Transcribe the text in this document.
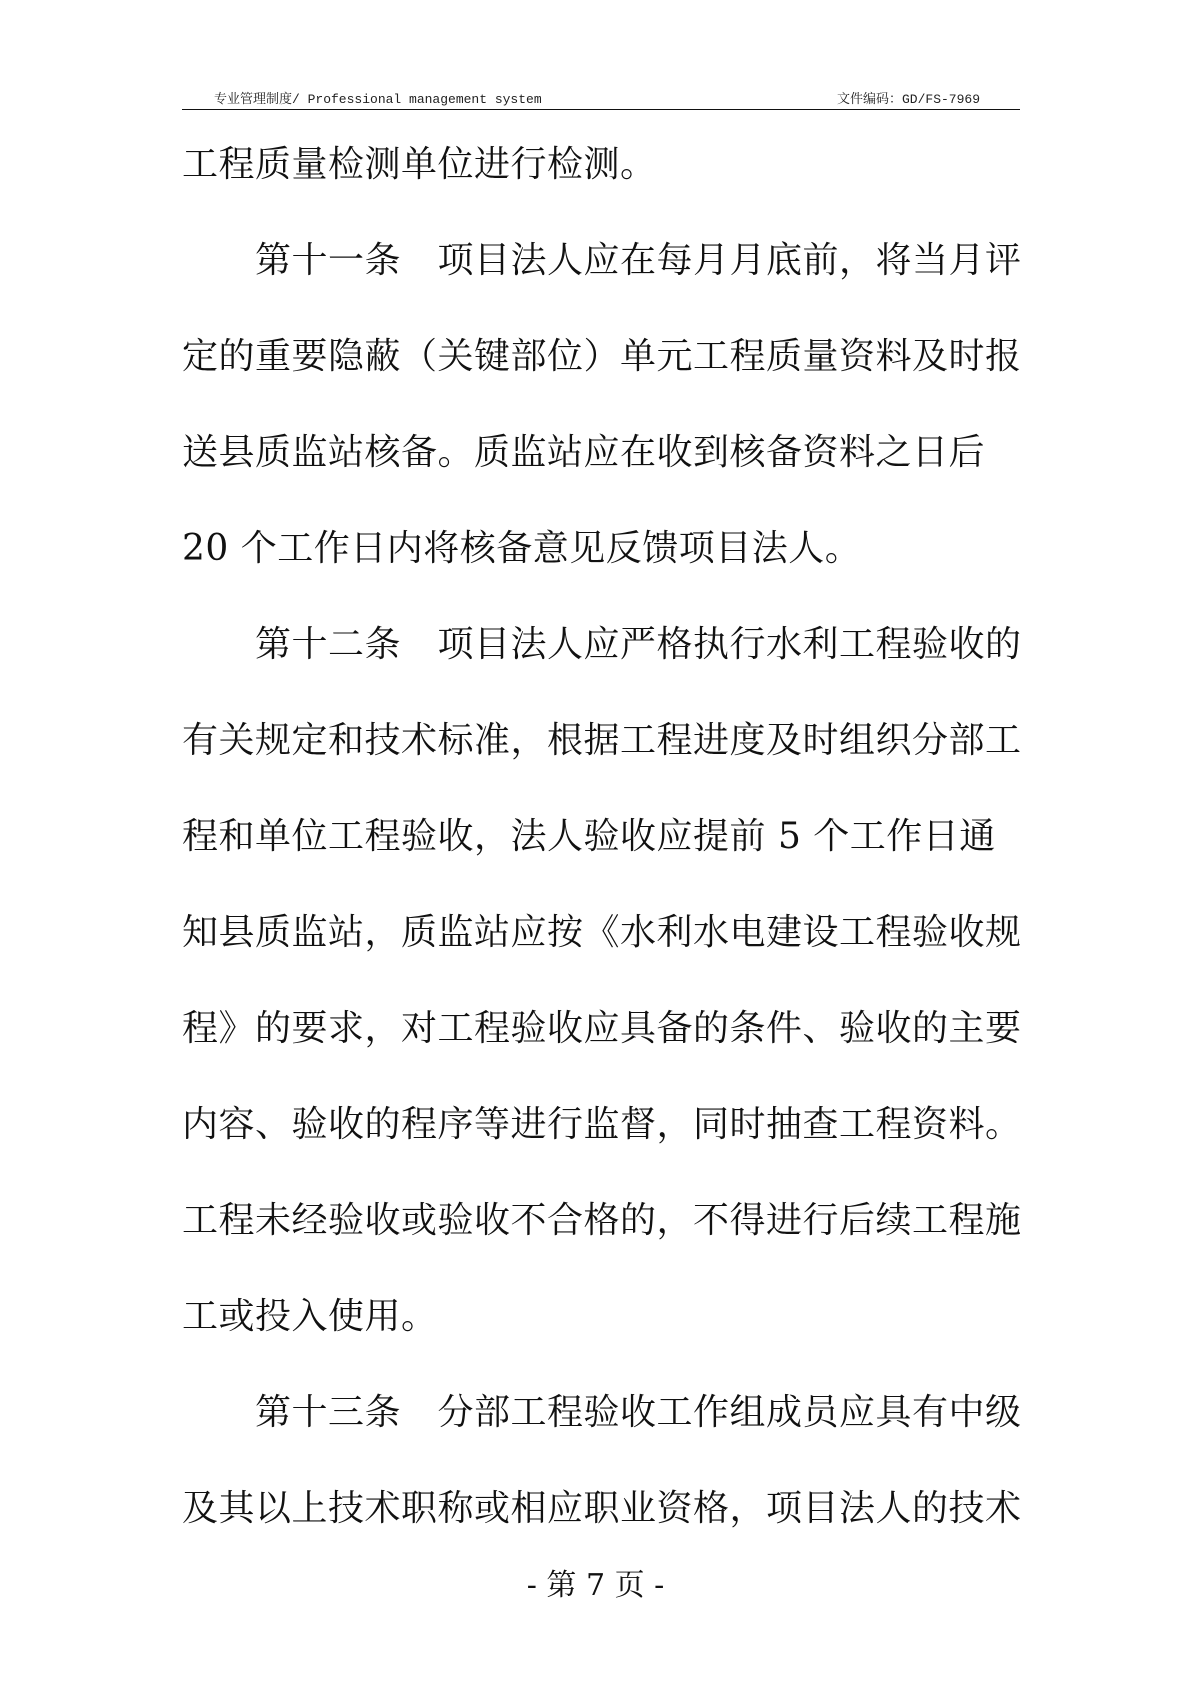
专业管理制度/ Professional management system	文件编码：GD/FS-7969
工程质量检测单位进行检测。
　　第十一条　项目法人应在每月月底前，将当月评
定的重要隐蔽（关键部位）单元工程质量资料及时报
送县质监站核备。质监站应在收到核备资料之日后
20 个工作日内将核备意见反馈项目法人。
　　第十二条　项目法人应严格执行水利工程验收的
有关规定和技术标准，根据工程进度及时组织分部工
程和单位工程验收，法人验收应提前 5 个工作日通
知县质监站，质监站应按《水利水电建设工程验收规
程》的要求，对工程验收应具备的条件、验收的主要
内容、验收的程序等进行监督，同时抽查工程资料。
工程未经验收或验收不合格的，不得进行后续工程施
工或投入使用。
　　第十三条　分部工程验收工作组成员应具有中级
及其以上技术职称或相应职业资格，项目法人的技术
- 第 7 页 -
